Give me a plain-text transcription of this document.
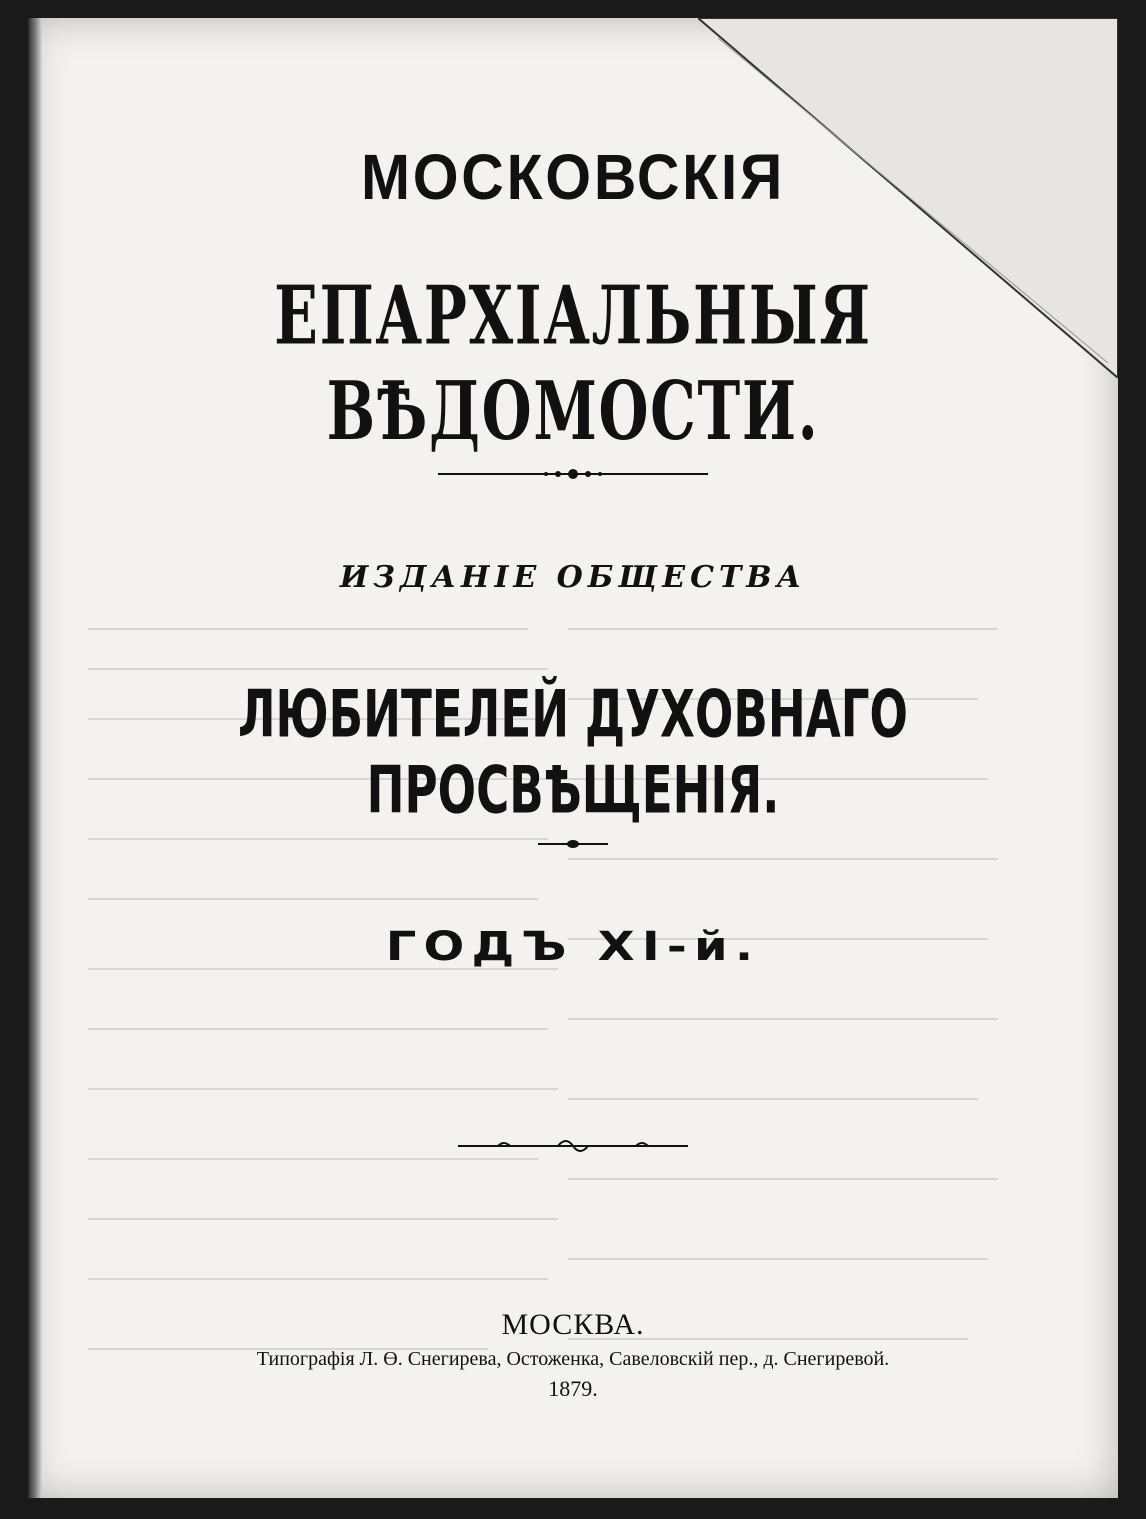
МОСКОВСКІЯ
ЕПАРХІАЛЬНЫЯ ВѢДОМОСТИ.
ИЗДАНІЕ ОБЩЕСТВА
ЛЮБИТЕЛЕЙ ДУХОВНАГО ПРОСВѢЩЕНІЯ.
ГОДЪ XI-й.
МОСКВА.
Типографія Л. Ө. Снегирева, Остоженка, Савеловскій пер., д. Снегиревой.
1879.
